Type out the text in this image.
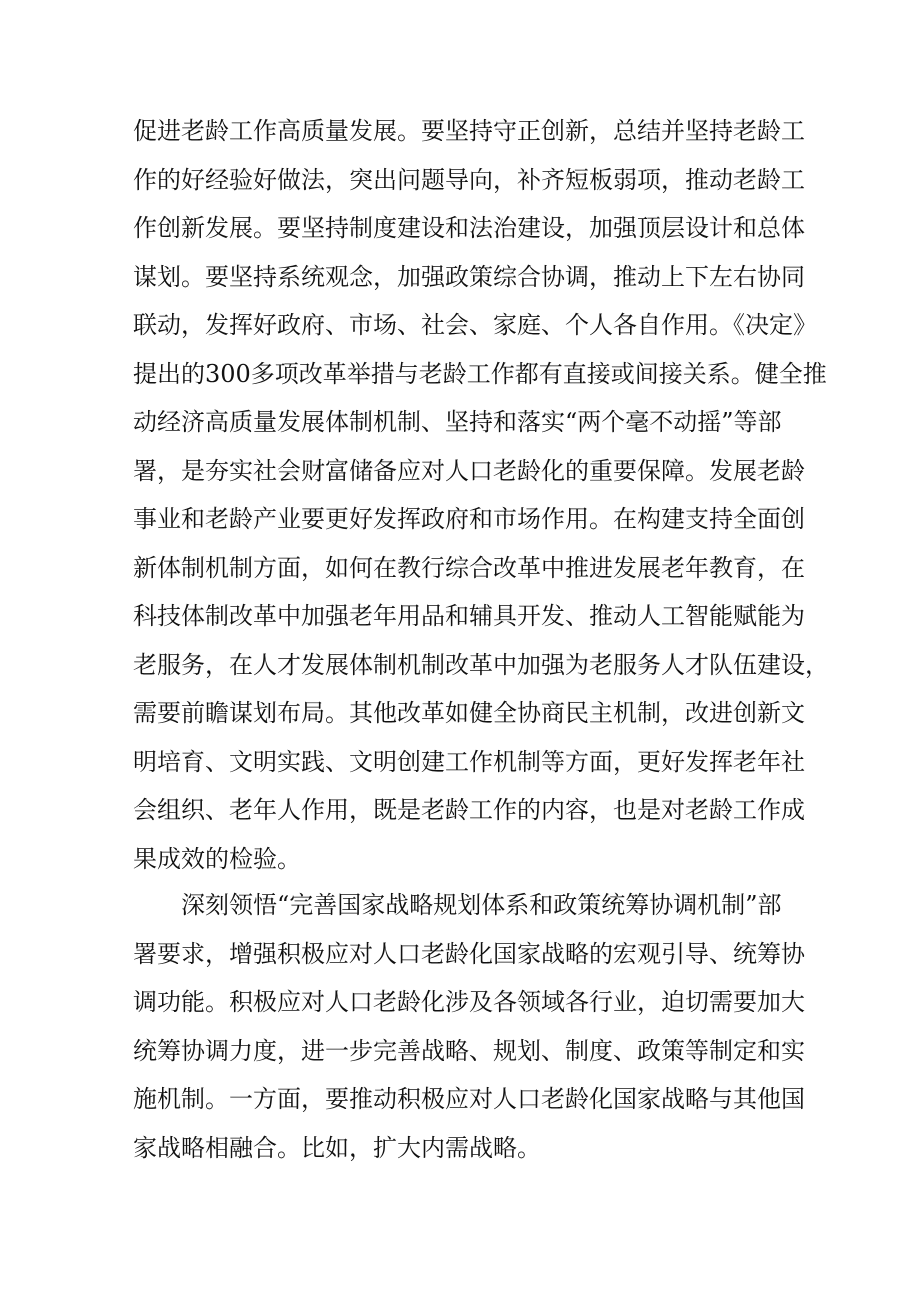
促进老龄工作高质量发展。要坚持守正创新，总结并坚持老龄工
作的好经验好做法，突出问题导向，补齐短板弱项，推动老龄工
作创新发展。要坚持制度建设和法治建设，加强顶层设计和总体
谋划。要坚持系统观念，加强政策综合协调，推动上下左右协同
联动，发挥好政府、市场、社会、家庭、个人各自作用。《决定》
提出的300多项改革举措与老龄工作都有直接或间接关系。健全推
动经济高质量发展体制机制、坚持和落实“两个毫不动摇”等部
署，是夯实社会财富储备应对人口老龄化的重要保障。发展老龄
事业和老龄产业要更好发挥政府和市场作用。在构建支持全面创
新体制机制方面，如何在教行综合改革中推进发展老年教育，在
科技体制改革中加强老年用品和辅具开发、推动人工智能赋能为
老服务，在人才发展体制机制改革中加强为老服务人才队伍建设，
需要前瞻谋划布局。其他改革如健全协商民主机制，改进创新文
明培育、文明实践、文明创建工作机制等方面，更好发挥老年社
会组织、老年人作用，既是老龄工作的内容，也是对老龄工作成
果成效的检验。
深刻领悟“完善国家战略规划体系和政策统筹协调机制”部
署要求，增强积极应对人口老龄化国家战略的宏观引导、统筹协
调功能。积极应对人口老龄化涉及各领域各行业，迫切需要加大
统筹协调力度，进一步完善战略、规划、制度、政策等制定和实
施机制。一方面，要推动积极应对人口老龄化国家战略与其他国
家战略相融合。比如，扩大内需战略。
